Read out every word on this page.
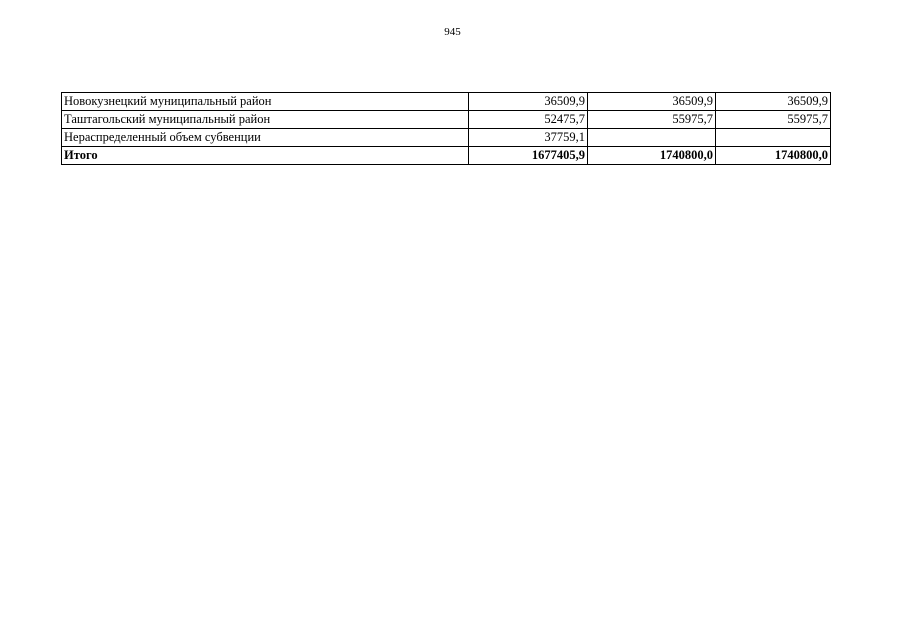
945
Новокузнецкий муниципальный район	36509,9	36509,9	36509,9
Таштагольский муниципальный район	52475,7	55975,7	55975,7
Нераспределенный объем субвенции	37759,1		
Итого	1677405,9	1740800,0	1740800,0
